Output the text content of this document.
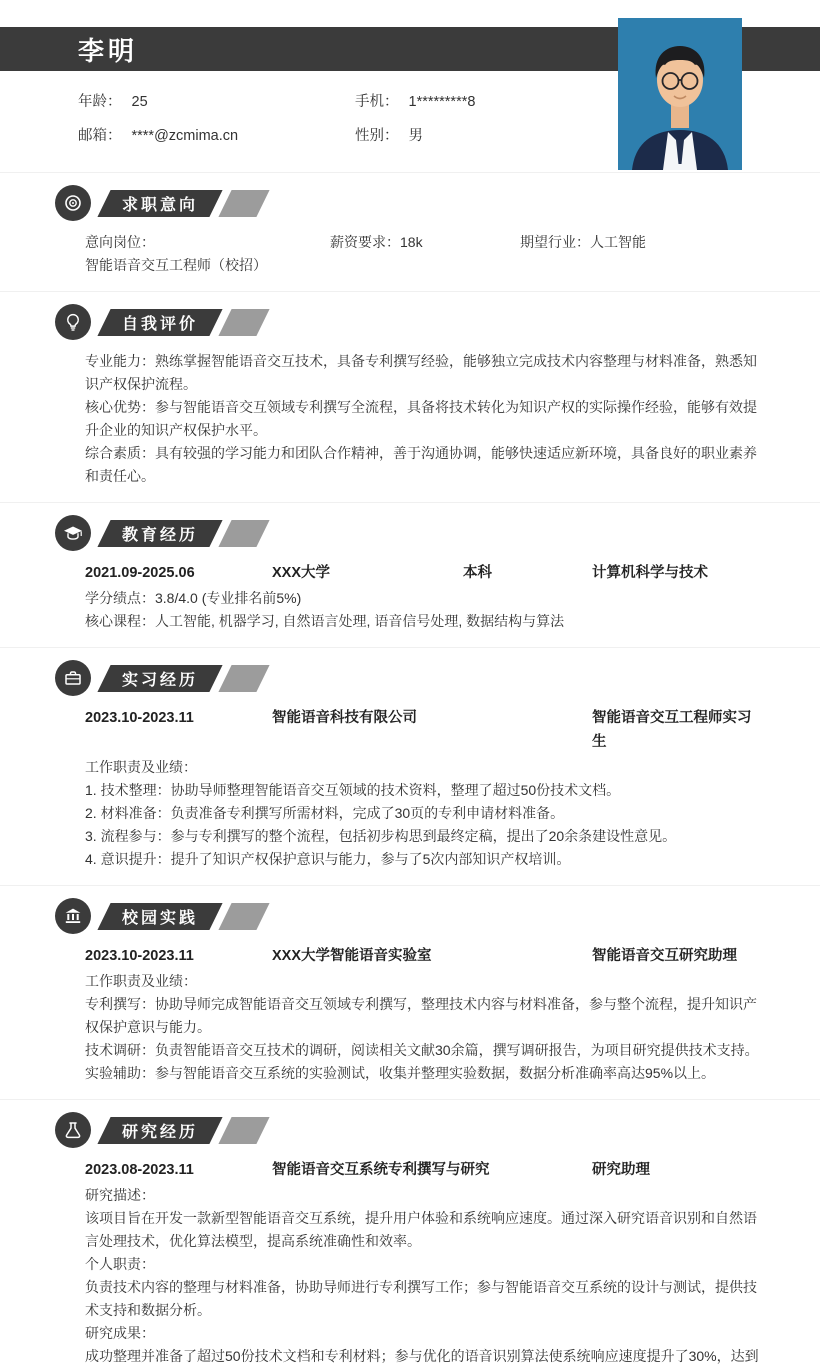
李明
年龄： 25	手机： 1*********8
邮箱： ****@zcmima.cn	性别： 男
求职意向
意向岗位：智能语音交互工程师（校招）
薪资要求：18k	期望行业：人工智能
自我评价
专业能力：熟练掌握智能语音交互技术，具备专利撰写经验，能够独立完成技术内容整理与材料准备，熟悉知识产权保护流程。
核心优势：参与智能语音交互领域专利撰写全流程，具备将技术转化为知识产权的实际操作经验，能够有效提升企业的知识产权保护水平。
综合素质：具有较强的学习能力和团队合作精神，善于沟通协调，能够快速适应新环境，具备良好的职业素养和责任心。
教育经历
2021.09-2025.06	XXX大学	本科	计算机科学与技术
学分绩点：3.8/4.0 (专业排名前5%)
核心课程：人工智能, 机器学习, 自然语言处理, 语音信号处理, 数据结构与算法
实习经历
2023.10-2023.11	智能语音科技有限公司	智能语音交互工程师实习生
工作职责及业绩：
1. 技术整理：协助导师整理智能语音交互领域的技术资料，整理了超过50份技术文档。
2. 材料准备：负责准备专利撰写所需材料，完成了30页的专利申请材料准备。
3. 流程参与：参与专利撰写的整个流程，包括初步构思到最终定稿，提出了20余条建设性意见。
4. 意识提升：提升了知识产权保护意识与能力，参与了5次内部知识产权培训。
校园实践
2023.10-2023.11	XXX大学智能语音实验室	智能语音交互研究助理
工作职责及业绩：
专利撰写：协助导师完成智能语音交互领域专利撰写，整理技术内容与材料准备，参与整个流程，提升知识产权保护意识与能力。
技术调研：负责智能语音交互技术的调研，阅读相关文献30余篇，撰写调研报告，为项目研究提供技术支持。
实验辅助：参与智能语音交互系统的实验测试，收集并整理实验数据，数据分析准确率高达95%以上。
研究经历
2023.08-2023.11	智能语音交互系统专利撰写与研究	研究助理
研究描述：
该项目旨在开发一款新型智能语音交互系统，提升用户体验和系统响应速度。通过深入研究语音识别和自然语言处理技术，优化算法模型，提高系统准确性和效率。
个人职责：
负责技术内容的整理与材料准备，协助导师进行专利撰写工作；参与智能语音交互系统的设计与测试，提供技术支持和数据分析。
研究成果：
成功整理并准备了超过50份技术文档和专利材料；参与优化的语音识别算法使系统响应速度提升了30%，达到
